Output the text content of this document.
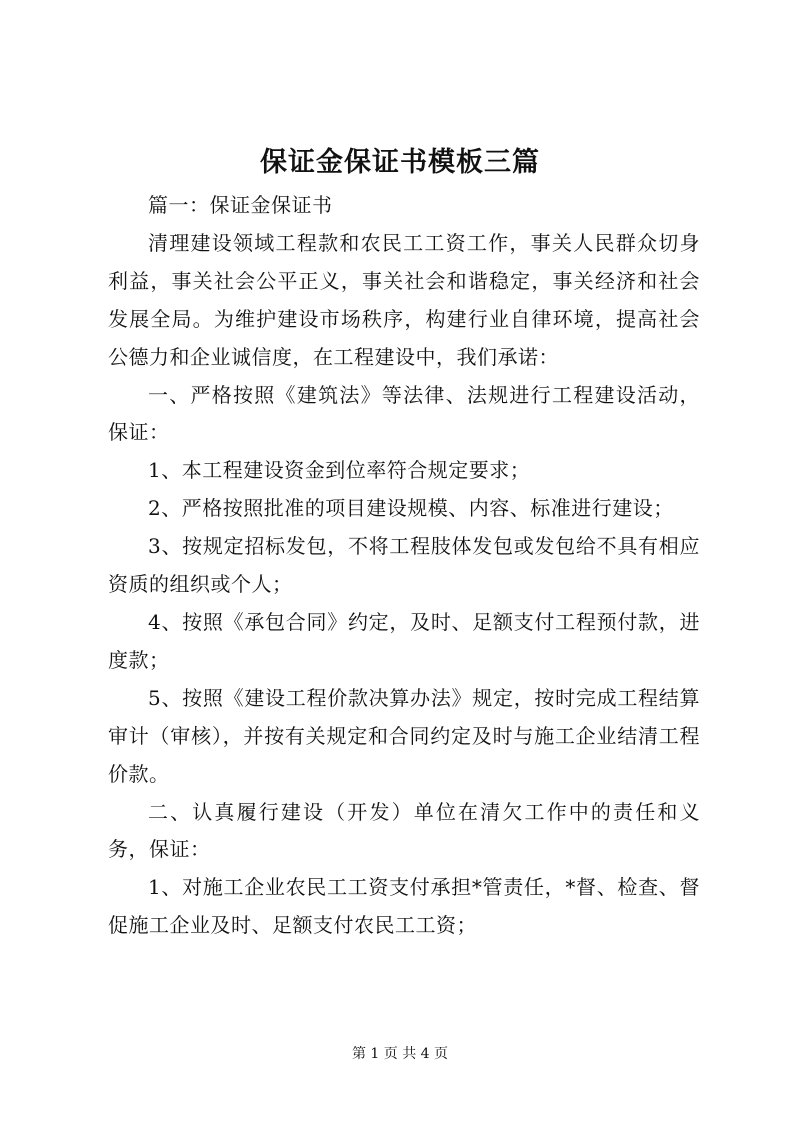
保证金保证书模板三篇

篇一：保证金保证书

清理建设领域工程款和农民工工资工作，事关人民群众切身利益，事关社会公平正义，事关社会和谐稳定，事关经济和社会发展全局。为维护建设市场秩序，构建行业自律环境，提高社会公德力和企业诚信度，在工程建设中，我们承诺：

一、严格按照《建筑法》等法律、法规进行工程建设活动，保证：

1、本工程建设资金到位率符合规定要求；

2、严格按照批准的项目建设规模、内容、标准进行建设；

3、按规定招标发包，不将工程肢体发包或发包给不具有相应资质的组织或个人；

4、按照《承包合同》约定，及时、足额支付工程预付款，进度款；

5、按照《建设工程价款决算办法》规定，按时完成工程结算审计（审核），并按有关规定和合同约定及时与施工企业结清工程价款。

二、认真履行建设（开发）单位在清欠工作中的责任和义务，保证：

1、对施工企业农民工工资支付承担*管责任，*督、检查、督促施工企业及时、足额支付农民工工资；

第 1 页 共 4 页
